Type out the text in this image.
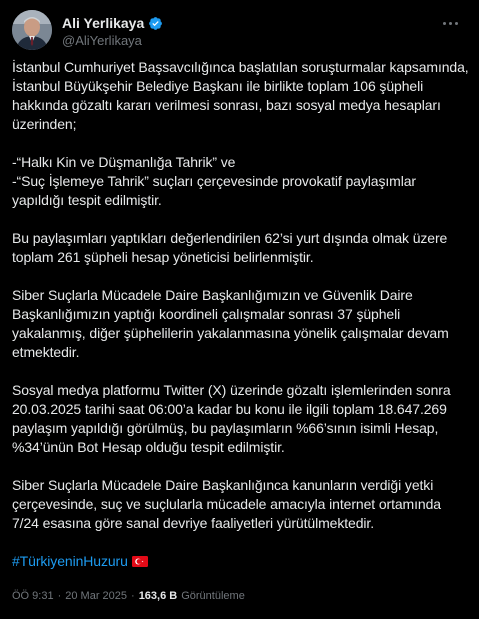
Ali Yerlikaya
@AliYerlikaya

İstanbul Cumhuriyet Başsavcılığınca başlatılan soruşturmalar kapsamında, İstanbul Büyükşehir Belediye Başkanı ile birlikte toplam 106 şüpheli hakkında gözaltı kararı verilmesi sonrası, bazı sosyal medya hesapları üzerinden;

-“Halkı Kin ve Düşmanlığa Tahrik” ve
-“Suç İşlemeye Tahrik” suçları çerçevesinde provokatif paylaşımlar yapıldığı tespit edilmiştir.

Bu paylaşımları yaptıkları değerlendirilen 62’si yurt dışında olmak üzere toplam 261 şüpheli hesap yöneticisi belirlenmiştir.

Siber Suçlarla Mücadele Daire Başkanlığımızın ve Güvenlik Daire Başkanlığımızın yaptığı koordineli çalışmalar sonrası 37 şüpheli yakalanmış, diğer şüphelilerin yakalanmasına yönelik çalışmalar devam etmektedir.

Sosyal medya platformu Twitter (X) üzerinde gözaltı işlemlerinden sonra 20.03.2025 tarihi saat 06:00’a kadar bu konu ile ilgili toplam 18.647.269 paylaşım yapıldığı görülmüş, bu paylaşımların %66’sının isimli Hesap, %34’ünün Bot Hesap olduğu tespit edilmiştir.

Siber Suçlarla Mücadele Daire Başkanlığınca kanunların verdiği yetki çerçevesinde, suç ve suçlularla mücadele amacıyla internet ortamında 7/24 esasına göre sanal devriye faaliyetleri yürütülmektedir.

#TürkiyeninHuzuru
ÖÖ 9:31 · 20 Mar 2025 · 163,6 B Görüntüleme
